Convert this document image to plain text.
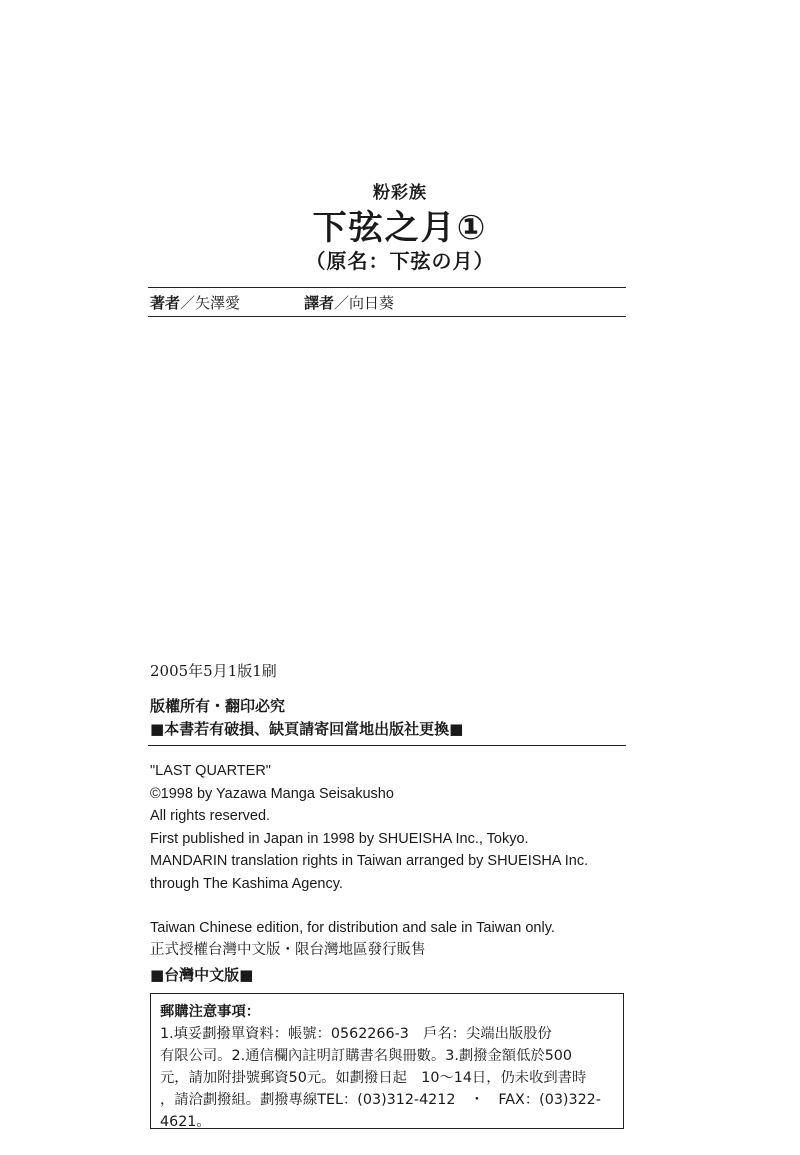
粉彩族
下弦之月①
（原名：下弦の月）
著者／矢澤愛	譯者／向日葵
2005年5月1版1刷
版權所有・翻印必究
■本書若有破損、缺頁請寄回當地出版社更換■
"LAST QUARTER"
©1998 by Yazawa Manga Seisakusho
All rights reserved.
First published in Japan in 1998 by SHUEISHA Inc., Tokyo.
MANDARIN translation rights in Taiwan arranged by SHUEISHA Inc.
through The Kashima Agency.
Taiwan Chinese edition, for distribution and sale in Taiwan only.
正式授權台灣中文版・限台灣地區發行販售
■台灣中文版■
郵購注意事項：
1.填妥劃撥單資料：帳號：0562266-3　戶名：尖端出版股份
有限公司。2.通信欄內註明訂購書名與冊數。3.劃撥金額低於500
元，請加附掛號郵資50元。如劃撥日起　10〜14日，仍未收到書時
，請洽劃撥組。劃撥專線TEL：(03)312-4212　・　FAX：(03)322-
4621。
